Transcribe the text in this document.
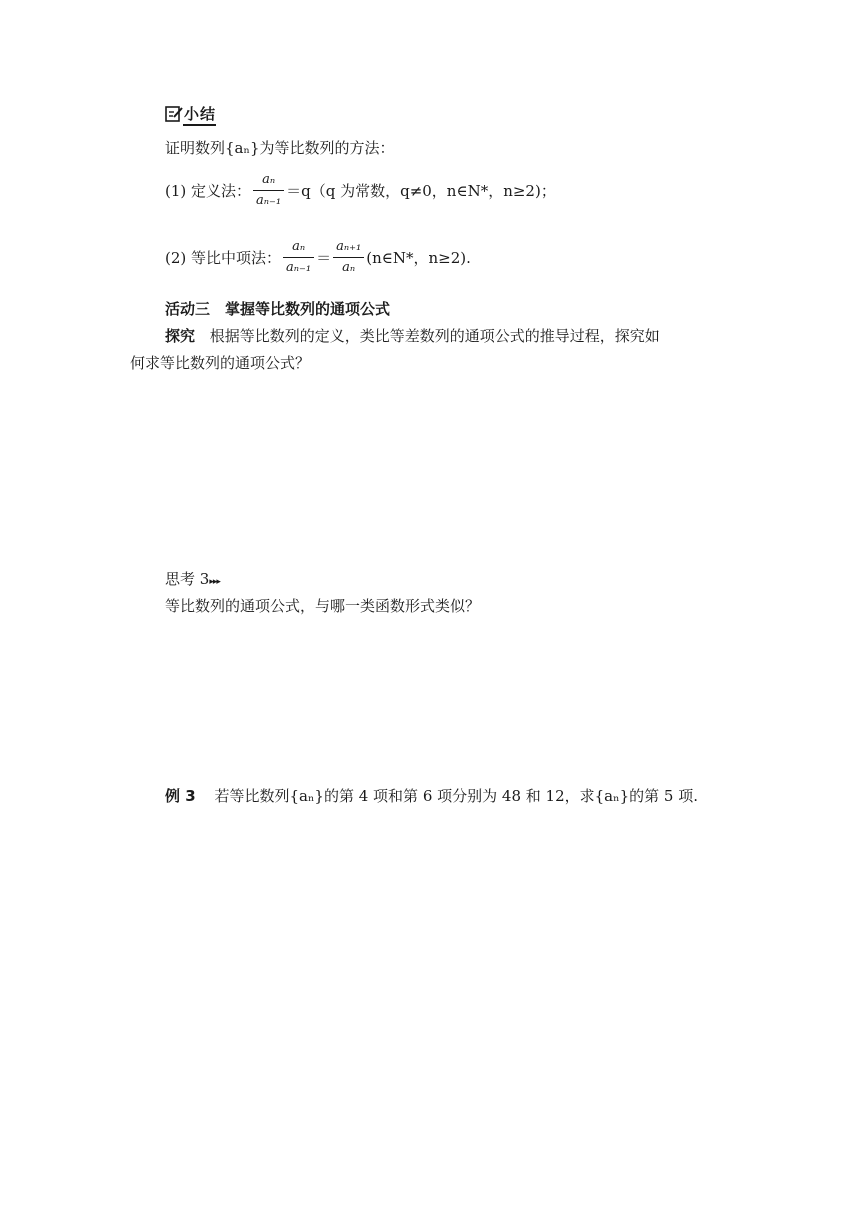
小结
证明数列{aₙ}为等比数列的方法：
(1) 定义法： $\frac{\text{aₙ}}{\text{aₙ₋₁}} =q(q$ 为常数，q≠0，n∈N*，n≥2)；
(2) 等比中项法： $\frac{\text{aₙ}}{\text{aₙ₋₁}} = \frac{\text{aₙ₊₁}}{\text{aₙ}}$ (n∈N*，n≥2).
活动三　掌握等比数列的通项公式
探究 根据等比数列的定义，类比等差数列的通项公式的推导过程，探究如
何求等比数列的通项公式？
思考 3▸▸▸
等比数列的通项公式，与哪一类函数形式类似？
例 3 若等比数列{aₙ}的第 4 项和第 6 项分别为 48 和 12，求{aₙ}的第 5 项.
